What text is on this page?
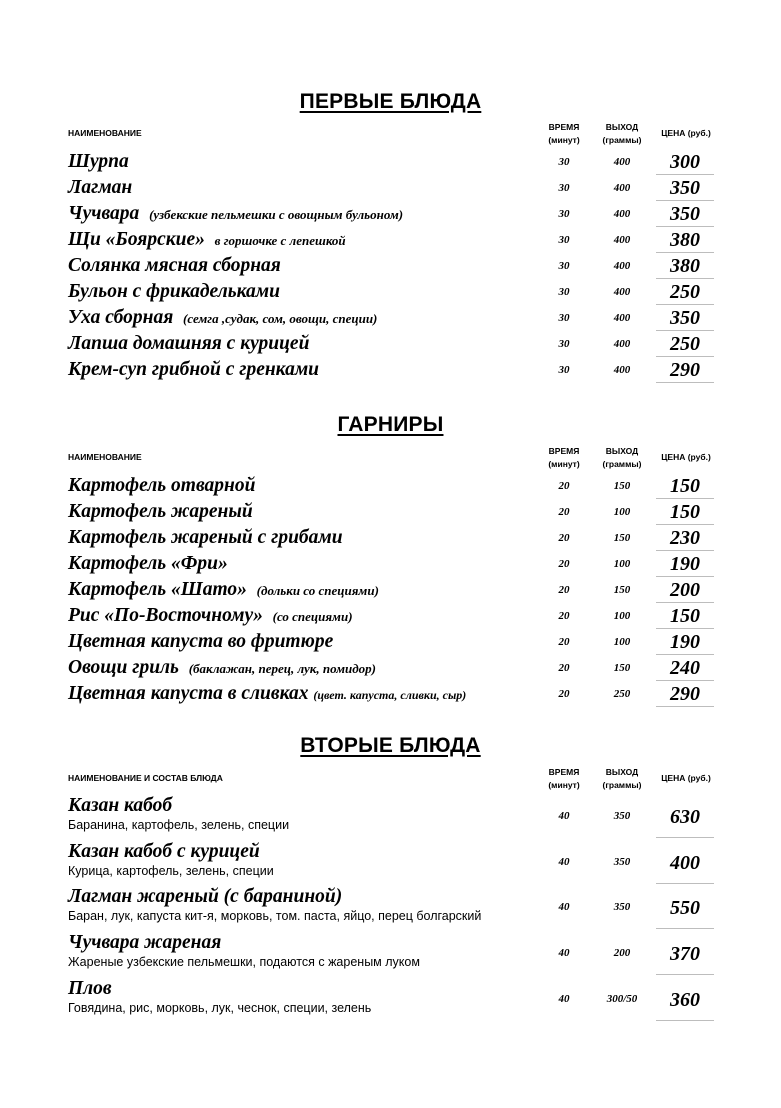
ПЕРВЫЕ БЛЮДА
НАИМЕНОВАНИЕ
ВРЕМЯ
(минут)
ВЫХОД
(граммы)
ЦЕНА (руб.)
Шурпа	30	400	300
Лагман	30	400	350
Чучвара (узбекские пельмешки с овощным бульоном)	30	400	350
Щи «Боярские» в горшочке с лепешкой	30	400	380
Солянка мясная сборная	30	400	380
Бульон с фрикадельками	30	400	250
Уха сборная (семга ,судак, сом, овощи, специи)	30	400	350
Лапша домашняя с курицей	30	400	250
Крем-суп грибной с гренками	30	400	290
ГАРНИРЫ
НАИМЕНОВАНИЕ
ВРЕМЯ
(минут)
ВЫХОД
(граммы)
ЦЕНА (руб.)
Картофель отварной	20	150	150
Картофель жареный	20	100	150
Картофель жареный с грибами	20	150	230
Картофель «Фри»	20	100	190
Картофель «Шато» (дольки со специями)	20	150	200
Рис «По-Восточному» (со специями)	20	100	150
Цветная капуста во фритюре	20	100	190
Овощи гриль (баклажан, перец, лук, помидор)	20	150	240
Цветная капуста в сливках (цвет. капуста, сливки, сыр)	20	250	290
ВТОРЫЕ БЛЮДА
НАИМЕНОВАНИЕ И СОСТАВ БЛЮДА
ВРЕМЯ
(минут)
ВЫХОД
(граммы)
ЦЕНА (руб.)
Казан кабоб
Баранина, картофель, зелень, специи
40	350	630
Казан кабоб с курицей
Курица, картофель, зелень, специи
40	350	400
Лагман жареный (с бараниной)
Баран, лук, капуста кит-я, морковь, том. паста, яйцо, перец болгарский
40	350	550
Чучвара жареная
Жареные узбекские пельмешки, подаются с жареным луком
40	200	370
Плов
Говядина, рис, морковь, лук, чеснок, специи, зелень
40	300/50	360
